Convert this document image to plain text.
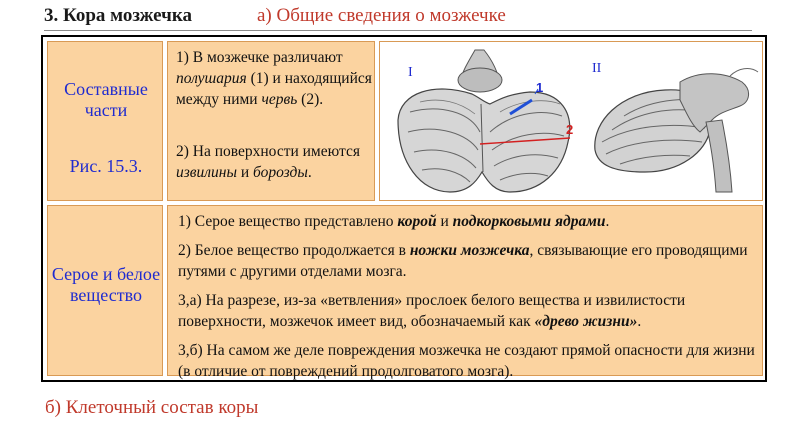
3. Кора мозжечка	а) Общие сведения о мозжечке
Составные части
Рис. 15.3.

1) В мозжечке различают полушария (1) и находящийся между ними червь (2).

2) На поверхности имеются извилины и борозды.

I
1
2
II
Серое и белое вещество

1) Серое вещество представлено корой и подкорковыми ядрами.

2) Белое вещество продолжается в ножки мозжечка, связывающие его проводящими путями с другими отделами мозга.

3,а) На разрезе, из-за «ветвления» прослоек белого вещества и извилистости поверхности, мозжечок имеет вид, обозначаемый как «древо жизни».

3,б) На самом же деле повреждения мозжечка не создают прямой опасности для жизни (в отличие от повреждений продолговатого мозга).

б) Клеточный состав коры
